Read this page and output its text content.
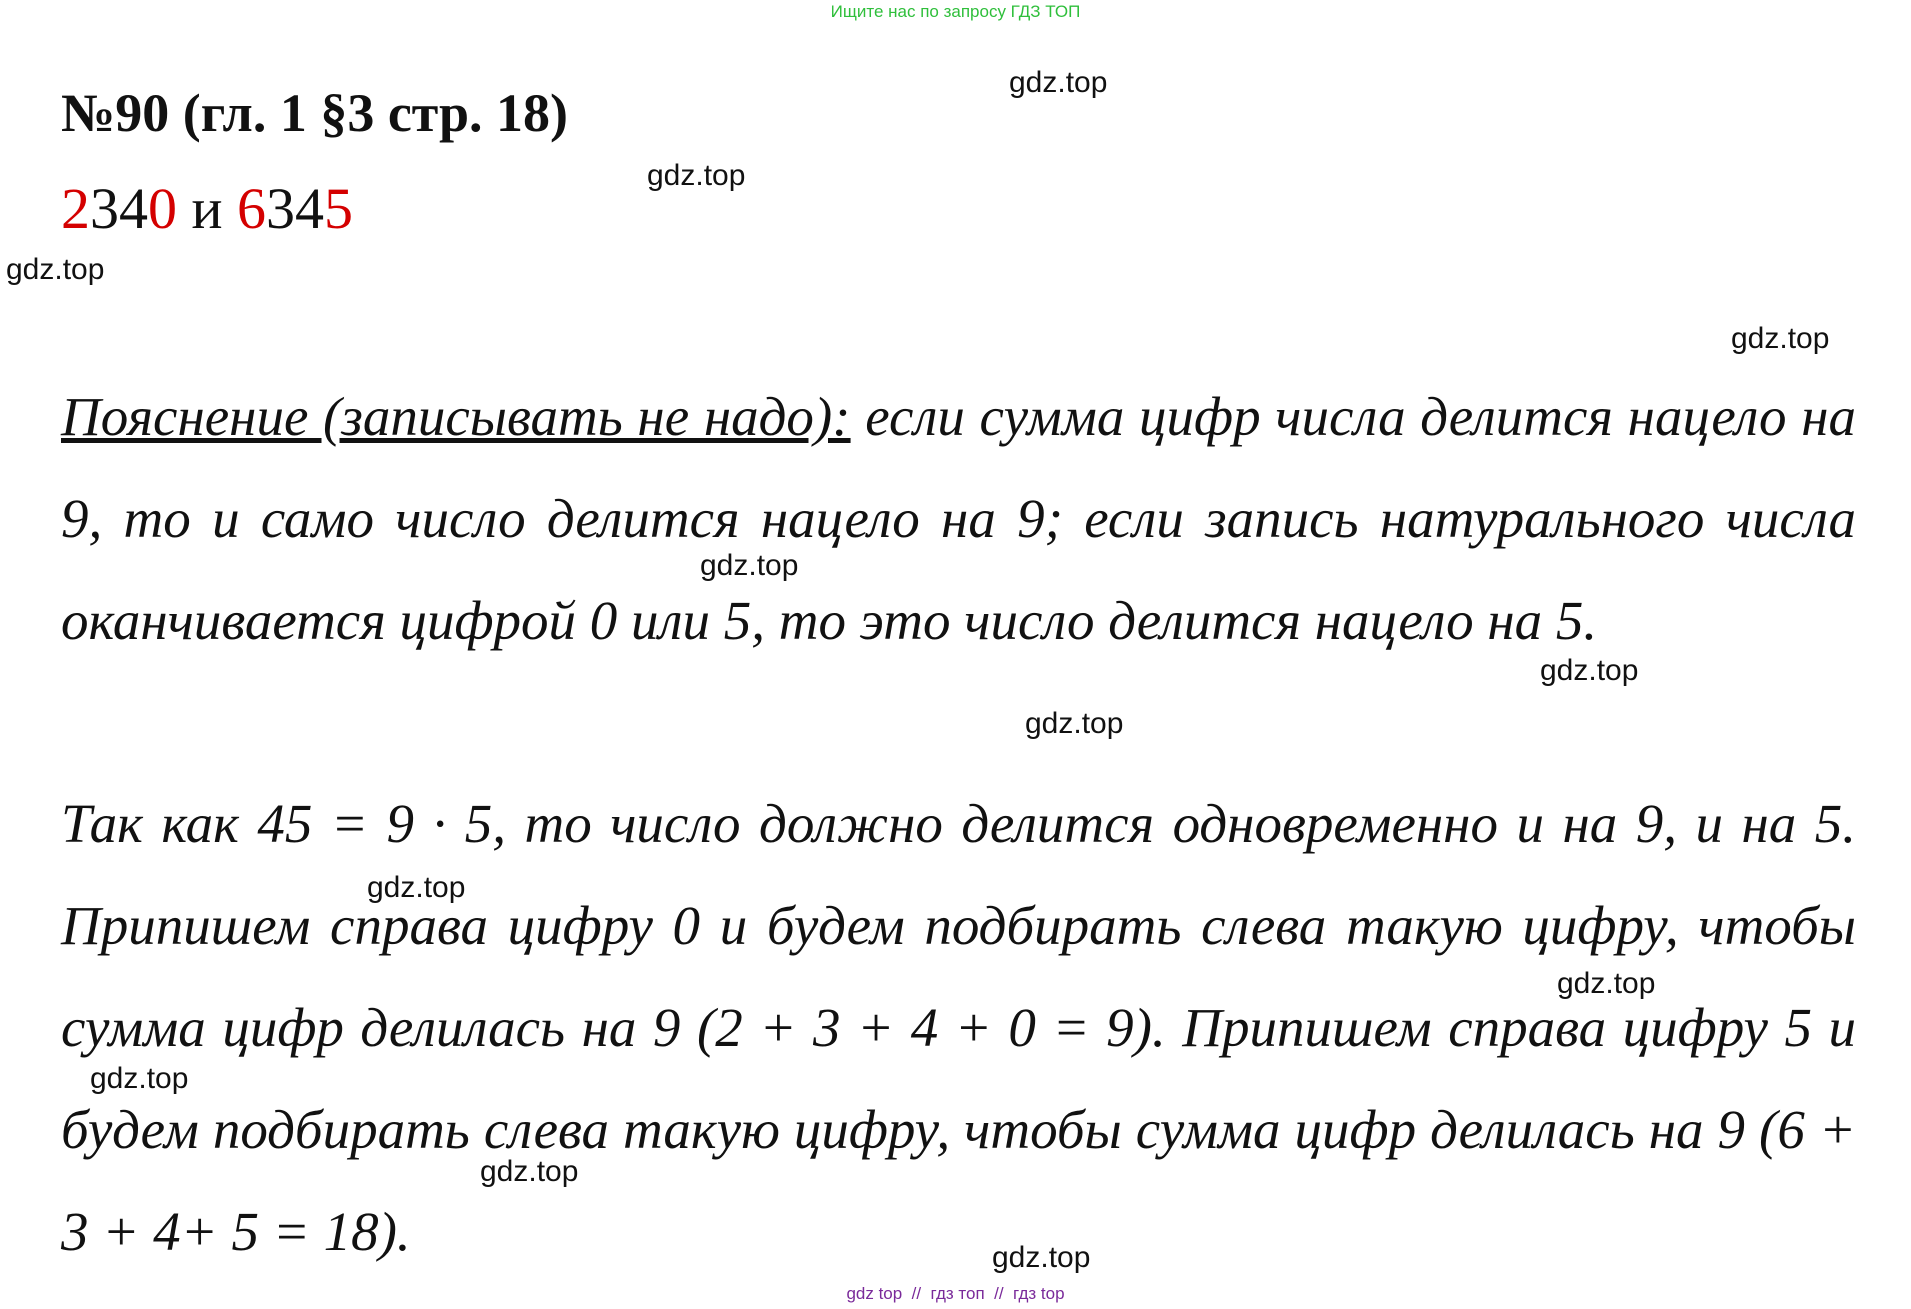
Ищите нас по запросу ГДЗ ТОП
№90 (гл. 1 §3 стр. 18)
2340 и 6345

Пояснение (записывать не надо): если сумма цифр числа делится нацело на 9, то и само число делится нацело на 9; если запись натурального числа оканчивается цифрой 0 или 5, то это число делится нацело на 5.

Так как 45 = 9 · 5, то число должно делится одновременно и на 9, и на 5. Припишем справа цифру 0 и будем подбирать слева такую цифру, чтобы сумма цифр делилась на 9 (2 + 3 + 4 + 0 = 9). Припишем справа цифру 5 и будем подбирать слева такую цифру, чтобы сумма цифр делилась на 9 (6 + 3 + 4+ 5 = 18).

gdz.top
gdz.top
gdz.top
gdz.top
gdz.top
gdz.top
gdz.top
gdz.top
gdz.top
gdz.top
gdz.top
gdz.top
gdz top  //  гдз топ  //  гдз top
